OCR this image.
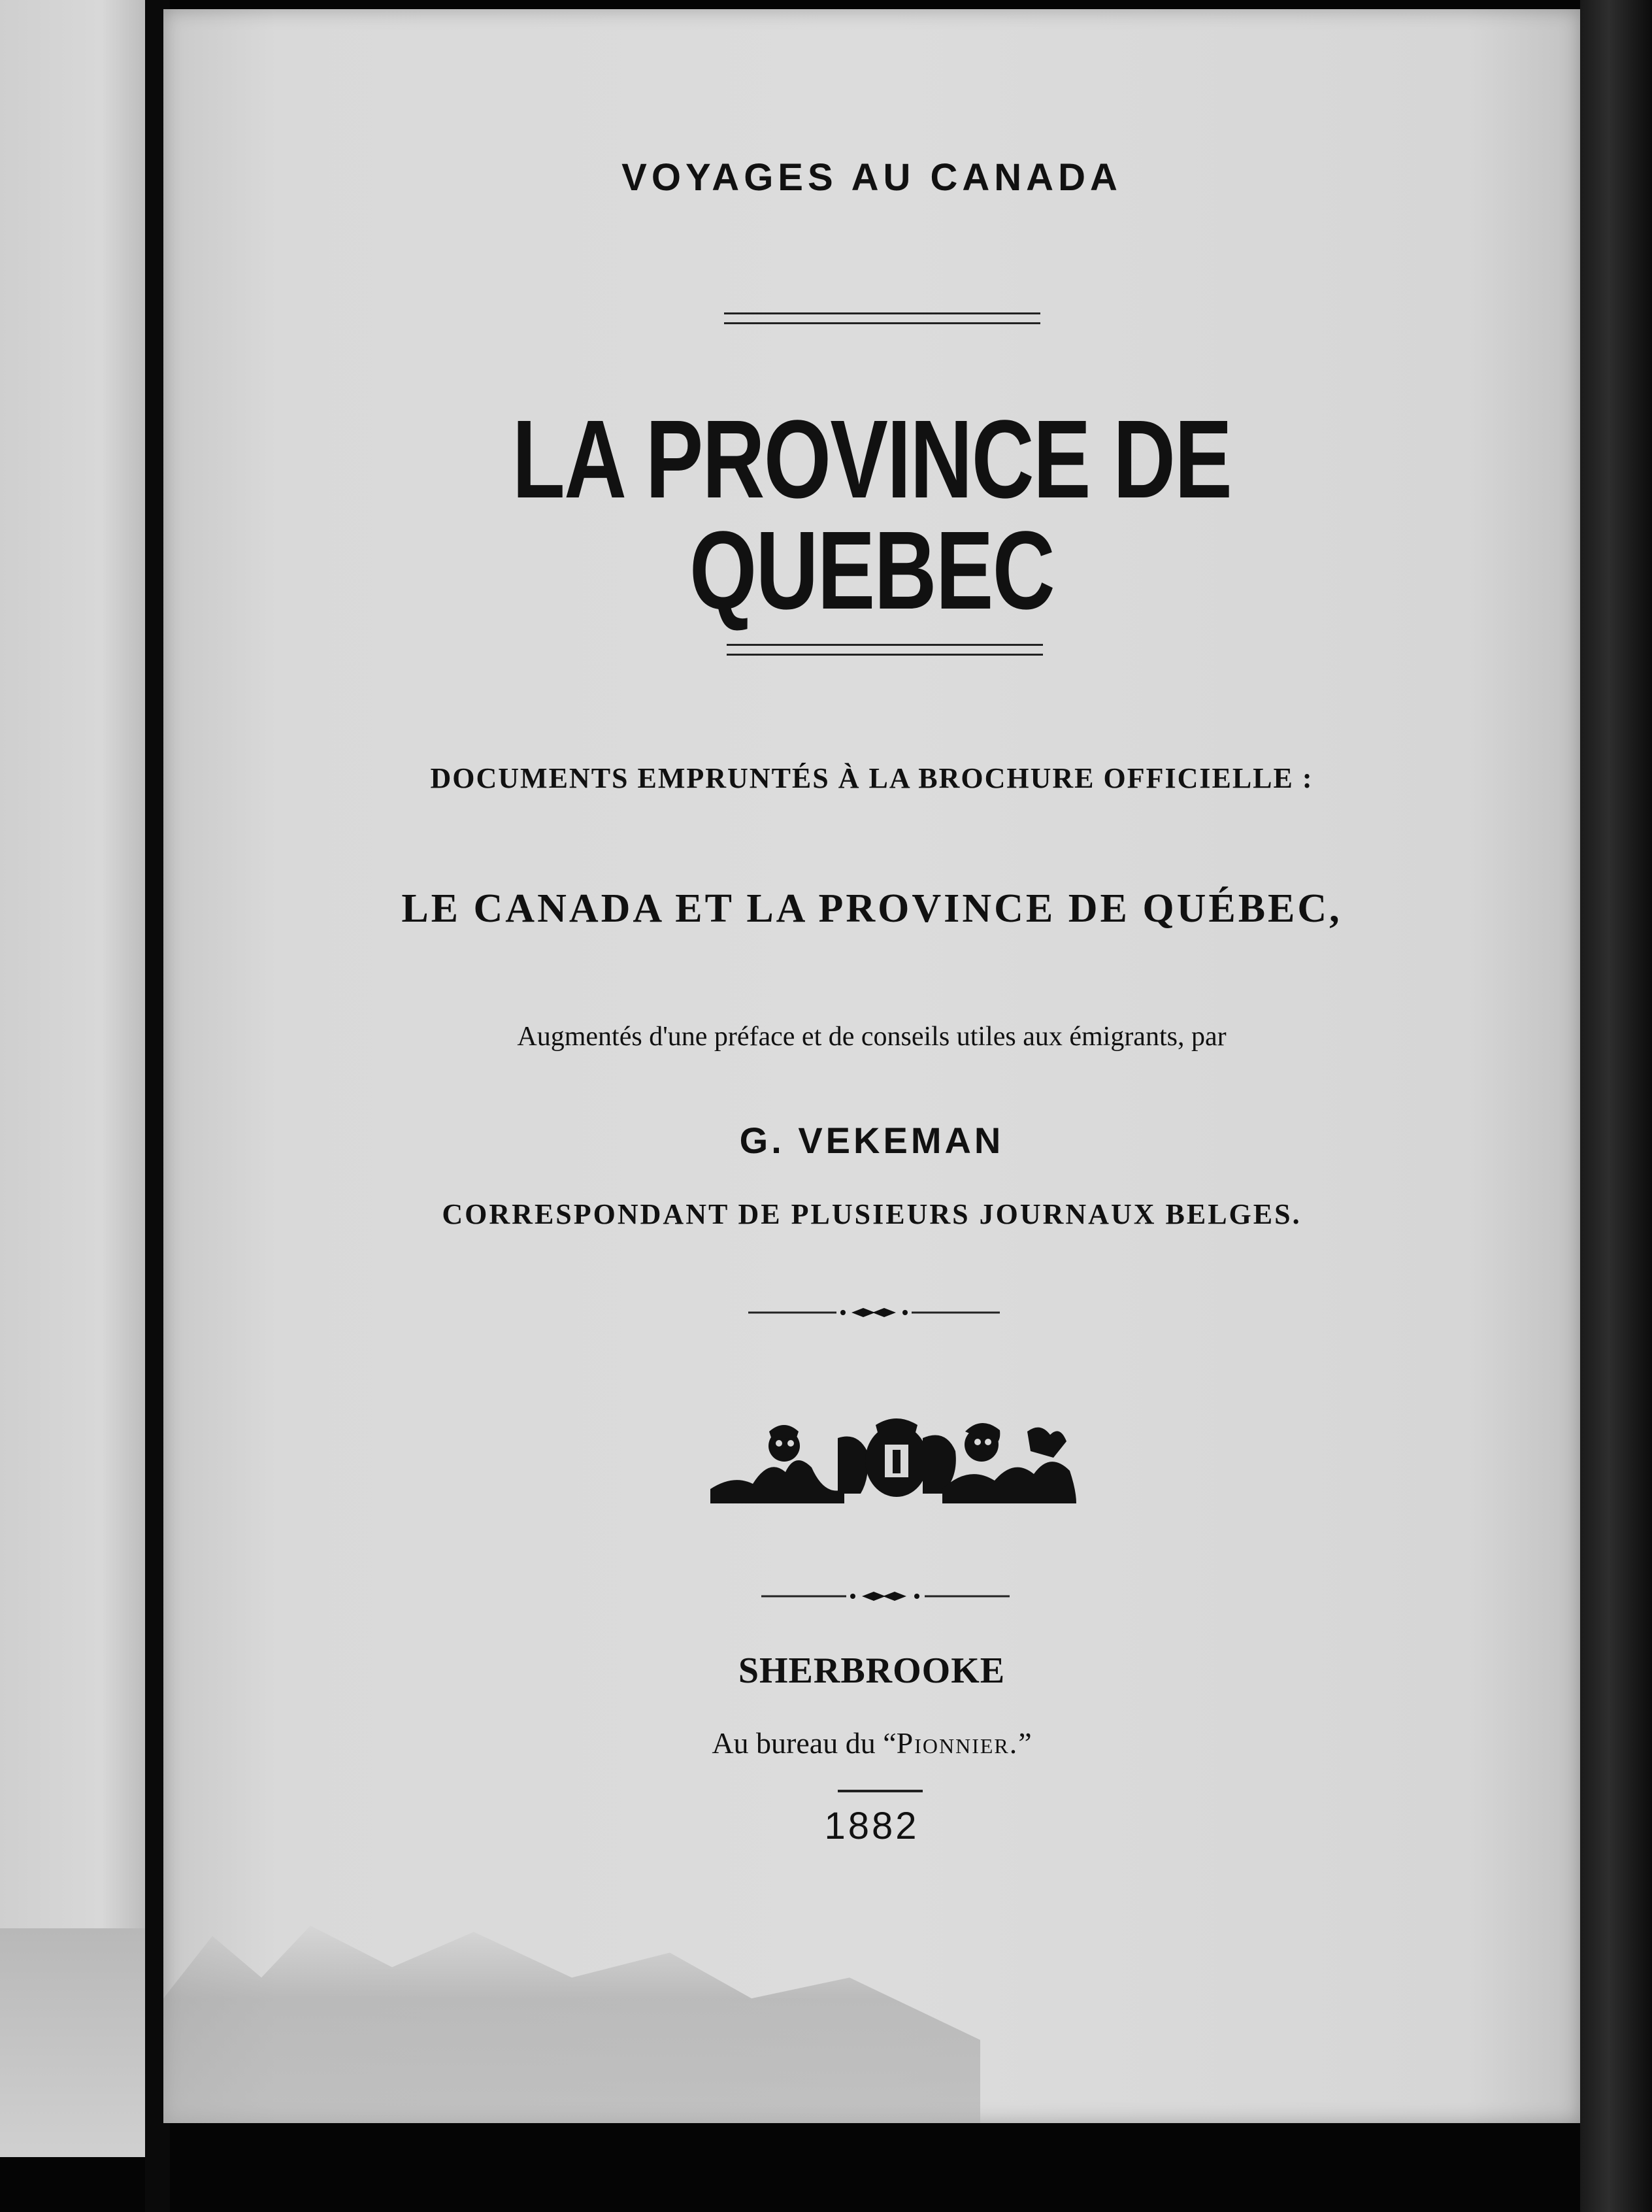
VOYAGES AU CANADA
LA PROVINCE DE QUEBEC
DOCUMENTS EMPRUNTÉS À LA BROCHURE OFFICIELLE :
LE CANADA ET LA PROVINCE DE QUÉBEC,
Augmentés d'une préface et de conseils utiles aux émigrants, par
G. VEKEMAN
CORRESPONDANT DE PLUSIEURS JOURNAUX BELGES.
SHERBROOKE
Au bureau du “Pionnier.”
1882
